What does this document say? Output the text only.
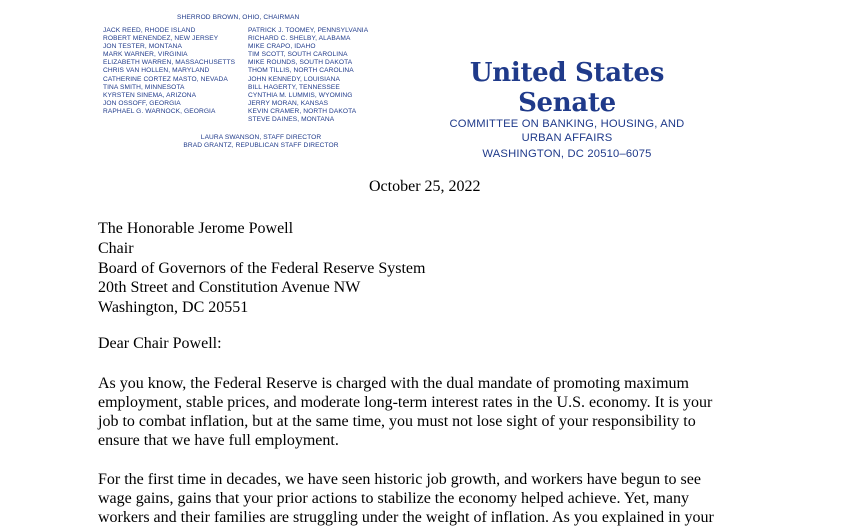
SHERROD BROWN, OHIO, CHAIRMAN
JACK REED, RHODE ISLAND
ROBERT MENENDEZ, NEW JERSEY
JON TESTER, MONTANA
MARK WARNER, VIRGINIA
ELIZABETH WARREN, MASSACHUSETTS
CHRIS VAN HOLLEN, MARYLAND
CATHERINE CORTEZ MASTO, NEVADA
TINA SMITH, MINNESOTA
KYRSTEN SINEMA, ARIZONA
JON OSSOFF, GEORGIA
RAPHAEL G. WARNOCK, GEORGIA
PATRICK J. TOOMEY, PENNSYLVANIA
RICHARD C. SHELBY, ALABAMA
MIKE CRAPO, IDAHO
TIM SCOTT, SOUTH CAROLINA
MIKE ROUNDS, SOUTH DAKOTA
THOM TILLIS, NORTH CAROLINA
JOHN KENNEDY, LOUISIANA
BILL HAGERTY, TENNESSEE
CYNTHIA M. LUMMIS, WYOMING
JERRY MORAN, KANSAS
KEVIN CRAMER, NORTH DAKOTA
STEVE DAINES, MONTANA
LAURA SWANSON, STAFF DIRECTOR
BRAD GRANTZ, REPUBLICAN STAFF DIRECTOR
United States Senate
COMMITTEE ON BANKING, HOUSING, AND
URBAN AFFAIRS
WASHINGTON, DC 20510–6075
October 25, 2022
The Honorable Jerome Powell
Chair
Board of Governors of the Federal Reserve System
20th Street and Constitution Avenue NW
Washington, DC 20551
Dear Chair Powell:
As you know, the Federal Reserve is charged with the dual mandate of promoting maximum
employment, stable prices, and moderate long-term interest rates in the U.S. economy. It is your
job to combat inflation, but at the same time, you must not lose sight of your responsibility to
ensure that we have full employment.
For the first time in decades, we have seen historic job growth, and workers have begun to see
wage gains, gains that your prior actions to stabilize the economy helped achieve. Yet, many
workers and their families are struggling under the weight of inflation. As you explained in your
